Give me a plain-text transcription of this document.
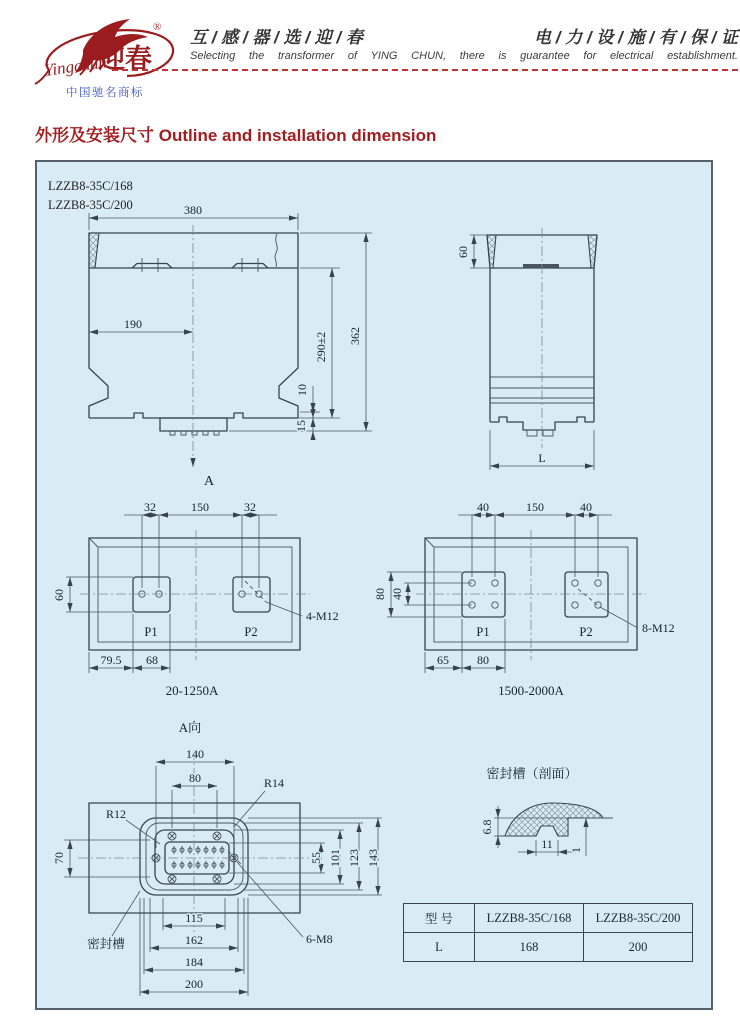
迎春
Yingchun
®
中国驰名商标
互 / 感 / 器 / 选 / 迎 / 春	电 / 力 / 设 / 施 / 有 / 保 / 证
Selecting the transformer of YING CHUN, there is guarantee for electrical establishment.
外形及安装尺寸 Outline and installation dimension
LZZB8-35C/168
LZZB8-35C/200
A
380
190
362
290±2
10
15
60
L
32	150	32
60
79.5 68
4-M12
P1	P2
20-1250A
40	150	40
80 40
65 80
8-M12
P1	P2
1500-2000A
A向
140
80	R14
R12
70	55 101 123 143
115
162
184
200
密封槽	6-M8
密封槽（剖面）
6.8
11 1
型 号	LZZB8-35C/168	LZZB8-35C/200
L	168	200
